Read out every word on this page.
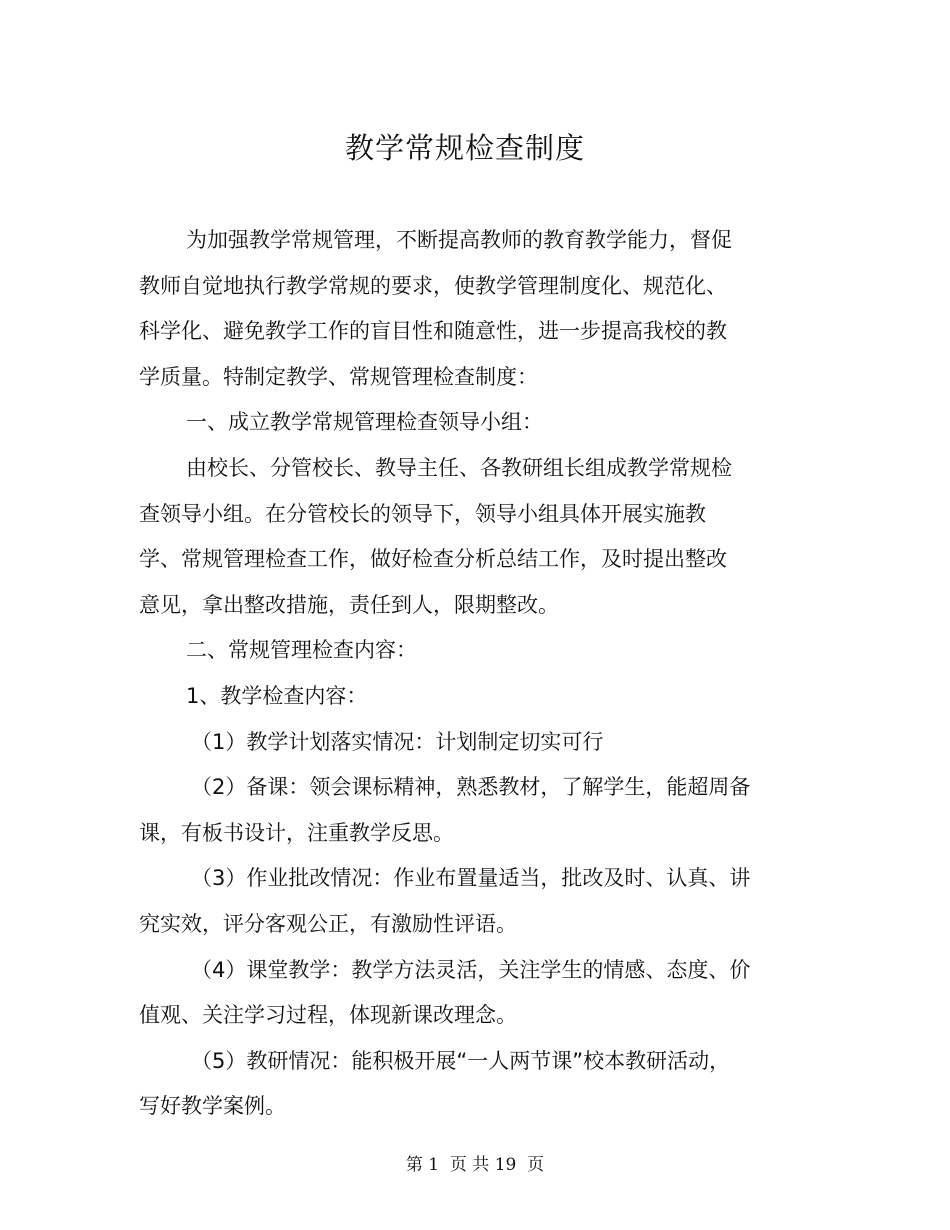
教学常规检查制度
为加强教学常规管理，不断提高教师的教育教学能力，督促
教师自觉地执行教学常规的要求，使教学管理制度化、规范化、
科学化、避免教学工作的盲目性和随意性，进一步提高我校的教
学质量。特制定教学、常规管理检查制度：
一、成立教学常规管理检查领导小组：
由校长、分管校长、教导主任、各教研组长组成教学常规检
查领导小组。在分管校长的领导下，领导小组具体开展实施教
学、常规管理检查工作，做好检查分析总结工作，及时提出整改
意见，拿出整改措施，责任到人，限期整改。
二、常规管理检查内容：
1、教学检查内容：
（1）教学计划落实情况：计划制定切实可行
（2）备课：领会课标精神，熟悉教材，了解学生，能超周备
课，有板书设计，注重教学反思。
（3）作业批改情况：作业布置量适当，批改及时、认真、讲
究实效，评分客观公正，有激励性评语。
（4）课堂教学：教学方法灵活，关注学生的情感、态度、价
值观、关注学习过程，体现新课改理念。
（5）教研情况：能积极开展“一人两节课”校本教研活动，
写好教学案例。
第 1  页 共 19  页
